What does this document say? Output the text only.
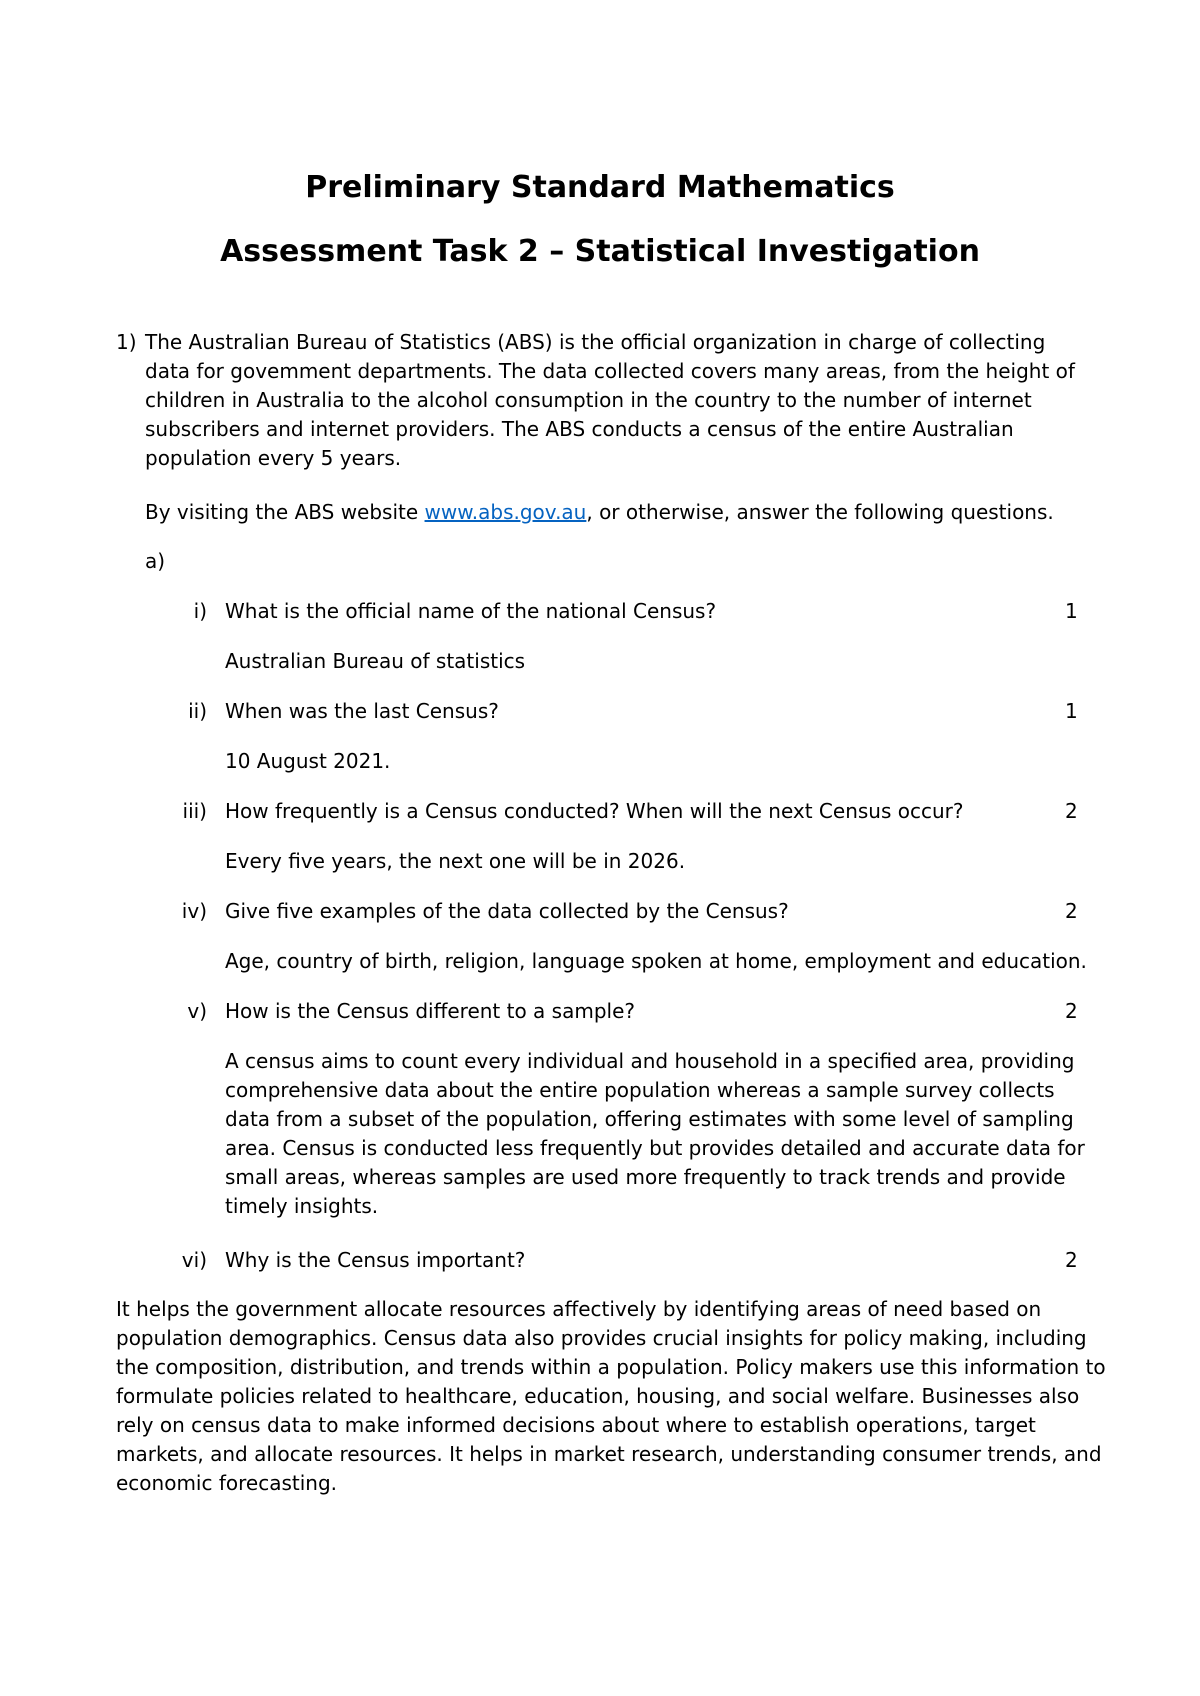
Preliminary Standard Mathematics
Assessment Task 2 – Statistical Investigation
1) The Australian Bureau of Statistics (ABS) is the official organization in charge of collecting data for govemment departments. The data collected covers many areas, from the height of children in Australia to the alcohol consumption in the country to the number of internet subscribers and internet providers. The ABS conducts a census of the entire Australian population every 5 years.

By visiting the ABS website www.abs.gov.au, or otherwise, answer the following questions.

a)

i) What is the official name of the national Census?	1

Australian Bureau of statistics

ii) When was the last Census?	1

10 August 2021.

iii) How frequently is a Census conducted? When will the next Census occur?	2

Every five years, the next one will be in 2026.

iv) Give five examples of the data collected by the Census?	2

Age, country of birth, religion, language spoken at home, employment and education.

v) How is the Census different to a sample?	2

A census aims to count every individual and household in a specified area, providing comprehensive data about the entire population whereas a sample survey collects data from a subset of the population, offering estimates with some level of sampling area. Census is conducted less frequently but provides detailed and accurate data for small areas, whereas samples are used more frequently to track trends and provide timely insights.

vi) Why is the Census important?	2

It helps the government allocate resources affectively by identifying areas of need based on population demographics. Census data also provides crucial insights for policy making, including the composition, distribution, and trends within a population. Policy makers use this information to formulate policies related to healthcare, education, housing, and social welfare. Businesses also rely on census data to make informed decisions about where to establish operations, target markets, and allocate resources. It helps in market research, understanding consumer trends, and economic forecasting.
